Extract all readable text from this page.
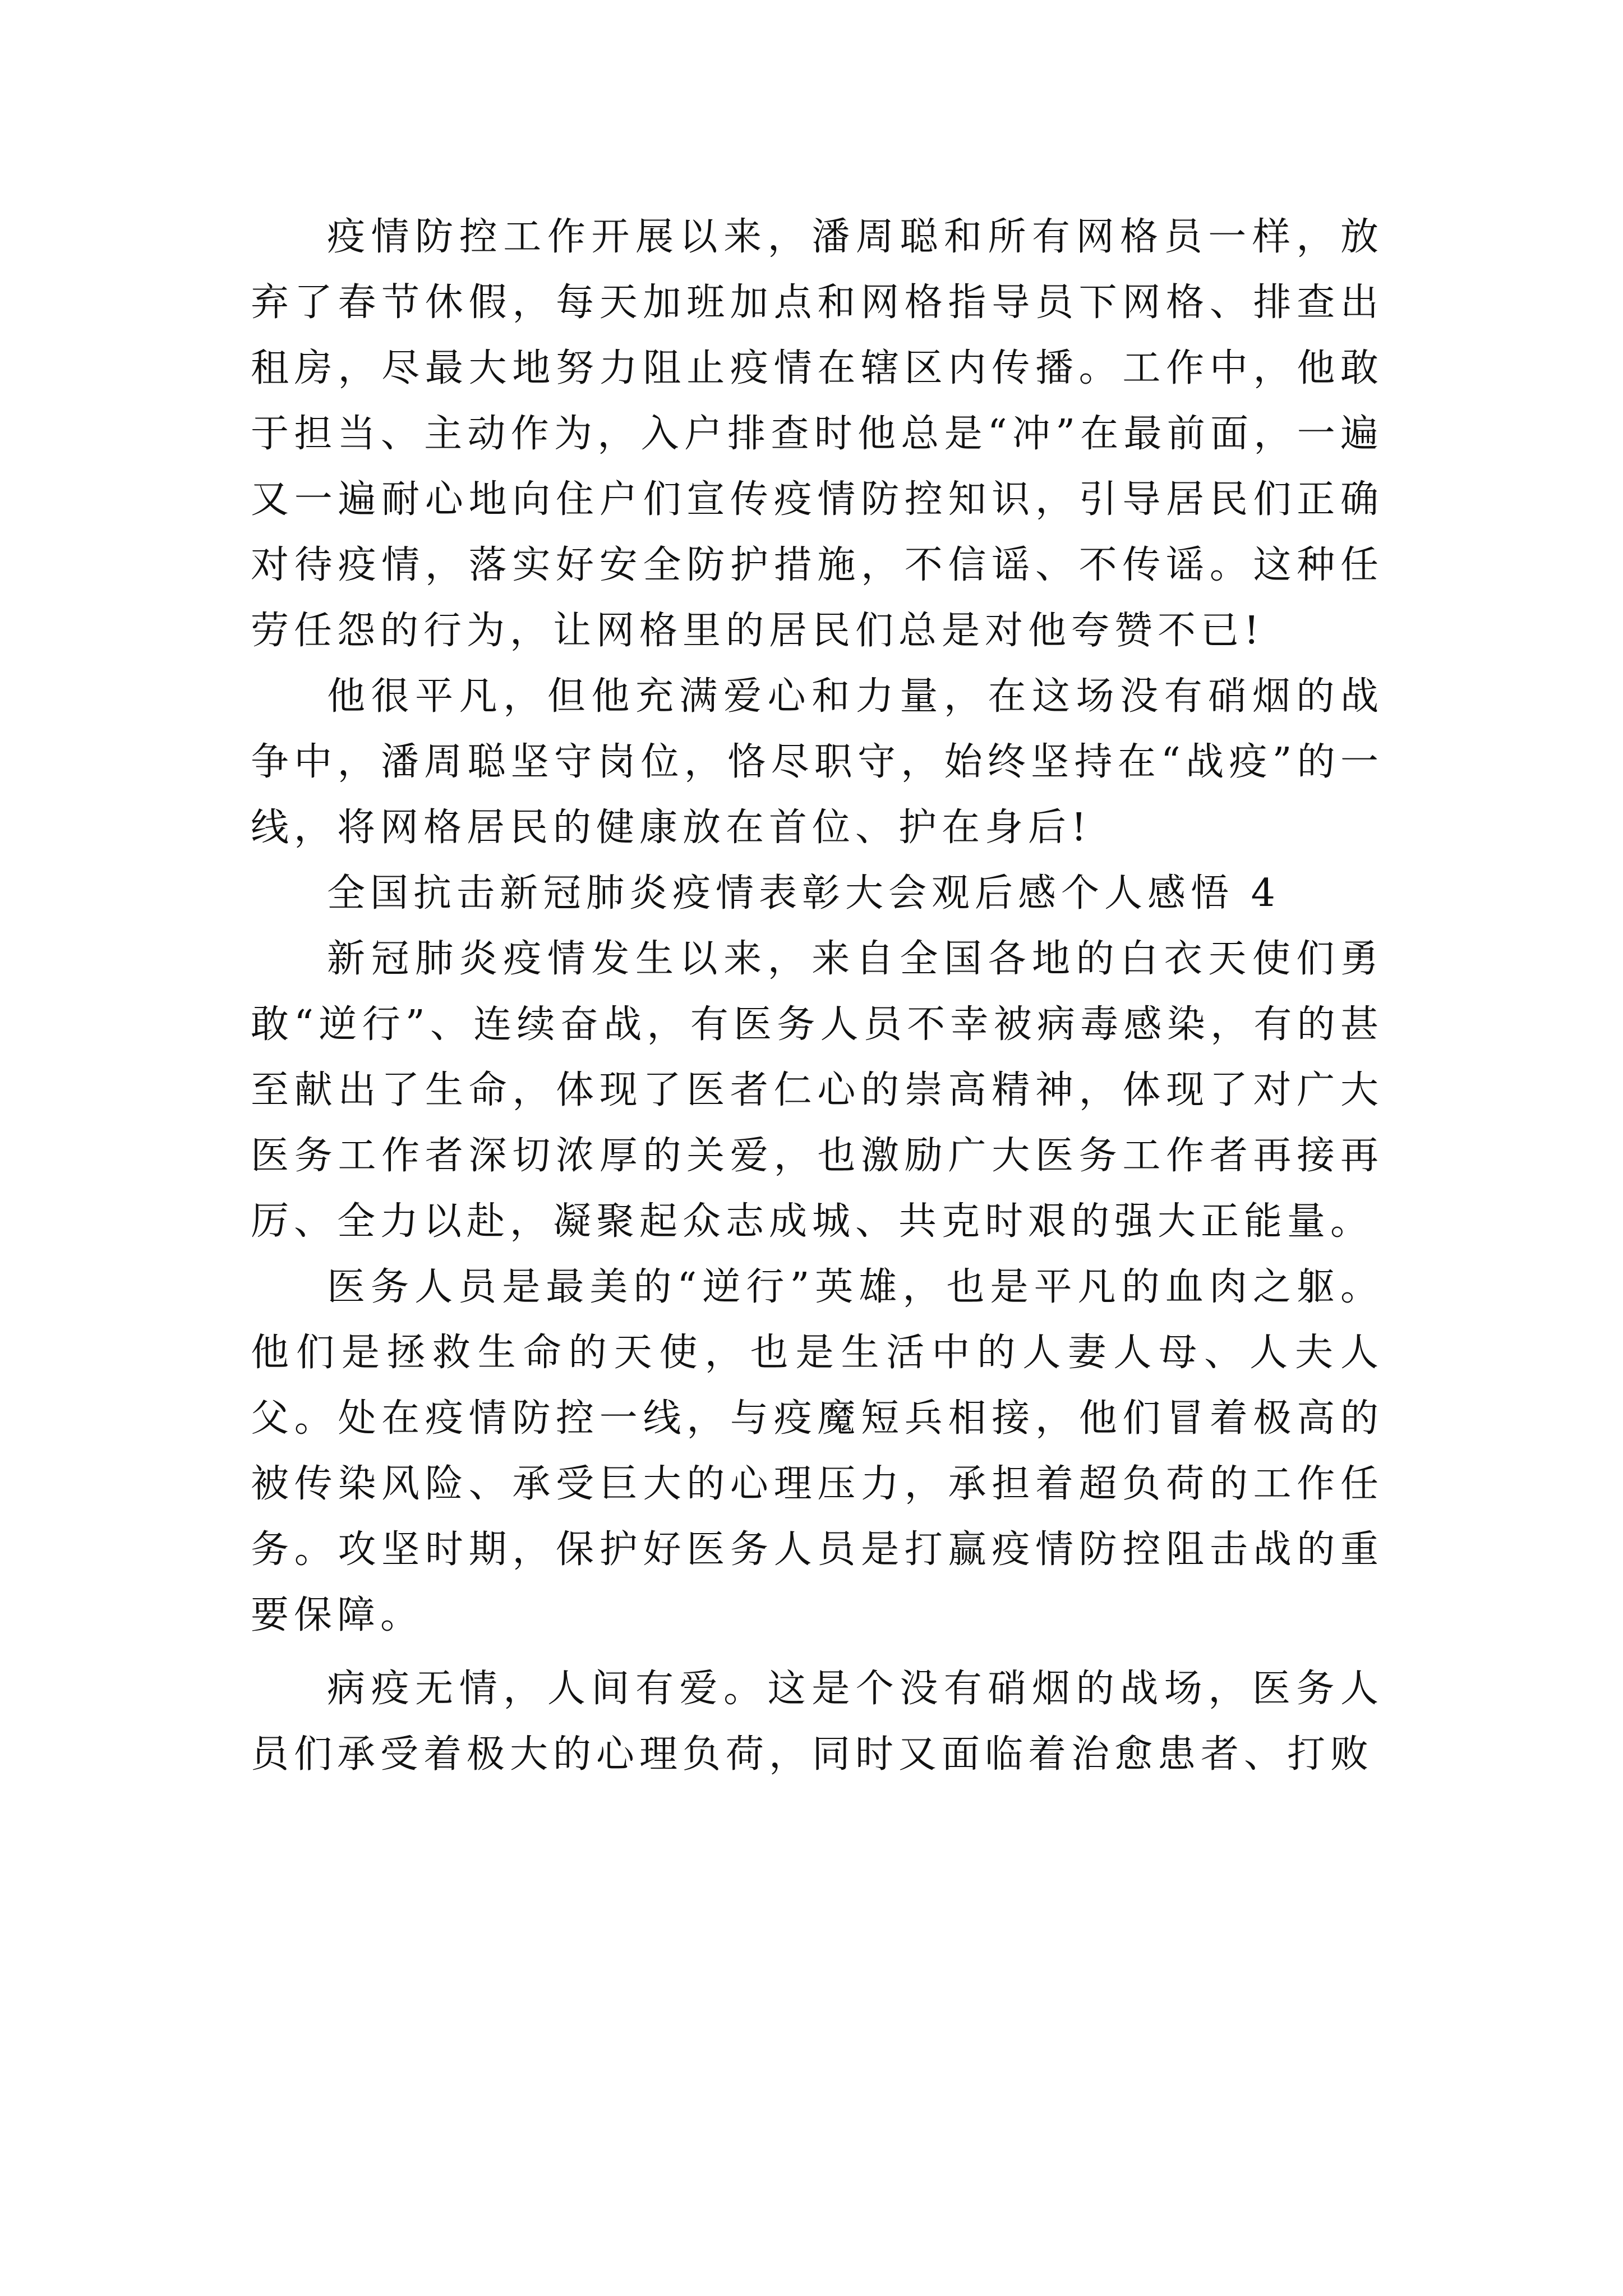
疫情防控工作开展以来，潘周聪和所有网格员一样，放弃了春节休假，每天加班加点和网格指导员下网格、排查出租房，尽最大地努力阻止疫情在辖区内传播。工作中，他敢于担当、主动作为，入户排查时他总是“冲”在最前面，一遍又一遍耐心地向住户们宣传疫情防控知识，引导居民们正确对待疫情，落实好安全防护措施，不信谣、不传谣。这种任劳任怨的行为，让网格里的居民们总是对他夸赞不已!

他很平凡，但他充满爱心和力量，在这场没有硝烟的战争中，潘周聪坚守岗位，恪尽职守，始终坚持在“战疫”的一线，将网格居民的健康放在首位、护在身后!

全国抗击新冠肺炎疫情表彰大会观后感个人感悟 4

新冠肺炎疫情发生以来，来自全国各地的白衣天使们勇敢“逆行”、连续奋战，有医务人员不幸被病毒感染，有的甚至献出了生命，体现了医者仁心的崇高精神，体现了对广大医务工作者深切浓厚的关爱，也激励广大医务工作者再接再厉、全力以赴，凝聚起众志成城、共克时艰的强大正能量。

医务人员是最美的“逆行”英雄，也是平凡的血肉之躯。他们是拯救生命的天使，也是生活中的人妻人母、人夫人父。处在疫情防控一线，与疫魔短兵相接，他们冒着极高的被传染风险、承受巨大的心理压力，承担着超负荷的工作任务。攻坚时期，保护好医务人员是打赢疫情防控阻击战的重要保障。

病疫无情，人间有爱。这是个没有硝烟的战场，医务人员们承受着极大的心理负荷，同时又面临着治愈患者、打败
